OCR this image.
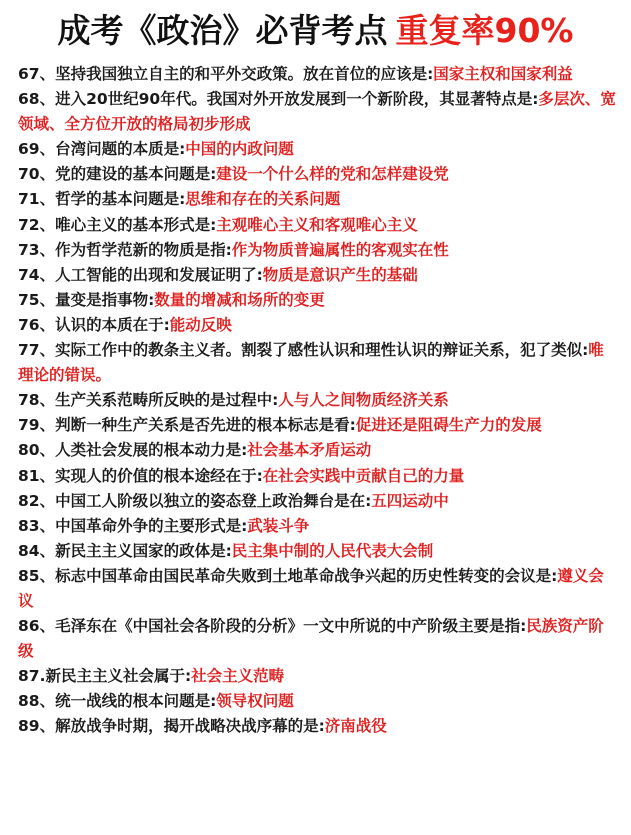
成考《政治》必背考点 重复率90%
67、坚持我国独立自主的和平外交政策。放在首位的应该是:国家主权和国家利益
68、进入20世纪90年代。我国对外开放发展到一个新阶段，其显著特点是:多层次、宽领域、全方位开放的格局初步形成
69、台湾问题的本质是:中国的内政问题
70、党的建设的基本问题是:建设一个什么样的党和怎样建设党
71、哲学的基本问题是:思维和存在的关系问题
72、唯心主义的基本形式是:主观唯心主义和客观唯心主义
73、作为哲学范新的物质是指:作为物质普遍属性的客观实在性
74、人工智能的出现和发展证明了:物质是意识产生的基础
75、量变是指事物:数量的增减和场所的变更
76、认识的本质在于:能动反映
77、实际工作中的教条主义者。割裂了感性认识和理性认识的辩证关系，犯了类似:唯理论的错误。
78、生产关系范畴所反映的是过程中:人与人之间物质经济关系
79、判断一种生产关系是否先进的根本标志是看:促进还是阻碍生产力的发展
80、人类社会发展的根本动力是:社会基本矛盾运动
81、实现人的价值的根本途经在于:在社会实践中贡献自己的力量
82、中国工人阶级以独立的姿态登上政治舞台是在:五四运动中
83、中国革命外争的主要形式是:武装斗争
84、新民主主义国家的政体是:民主集中制的人民代表大会制
85、标志中国革命由国民革命失败到土地革命战争兴起的历史性转变的会议是:遵义会议
86、毛泽东在《中国社会各阶段的分析》一文中所说的中产阶级主要是指:民族资产阶级
87.新民主主义社会属于:社会主义范畴
88、统一战线的根本问题是:领导权问题
89、解放战争时期，揭开战略决战序幕的是:济南战役
